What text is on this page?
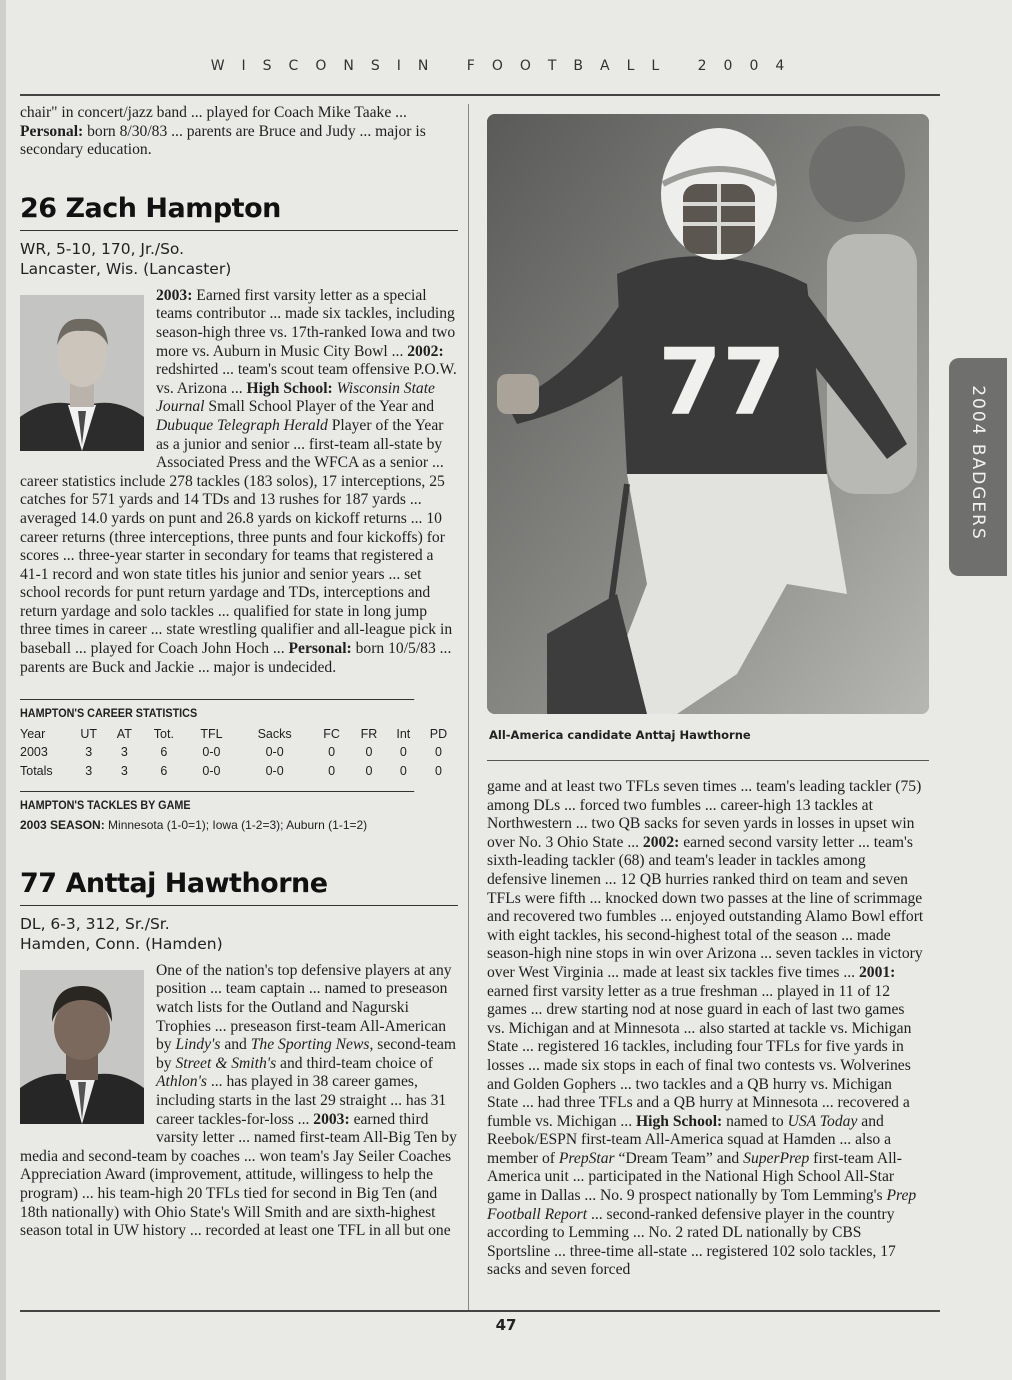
WISCONSIN FOOTBALL 2004

chair" in concert/jazz band ... played for Coach Mike Taake ... Personal: born 8/30/83 ... parents are Bruce and Judy ... major is secondary education.

26 Zach Hampton
WR, 5-10, 170, Jr./So.
Lancaster, Wis. (Lancaster)
2003: Earned first varsity letter as a special teams contributor ... made six tackles, including season-high three vs. 17th-ranked Iowa and two more vs. Auburn in Music City Bowl ... 2002: redshirted ... team's scout team offensive P.O.W. vs. Arizona ... High School: Wisconsin State Journal Small School Player of the Year and Dubuque Telegraph Herald Player of the Year as a junior and senior ... first-team all-state by Associated Press and the WFCA as a senior ... career statistics include 278 tackles (183 solos), 17 interceptions, 25 catches for 571 yards and 14 TDs and 13 rushes for 187 yards ... averaged 14.0 yards on punt and 26.8 yards on kickoff returns ... 10 career returns (three interceptions, three punts and four kickoffs) for scores ... three-year starter in secondary for teams that registered a 41-1 record and won state titles his junior and senior years ... set school records for punt return yardage and TDs, interceptions and return yardage and solo tackles ... qualified for state in long jump three times in career ... state wrestling qualifier and all-league pick in baseball ... played for Coach John Hoch ... Personal: born 10/5/83 ... parents are Buck and Jackie ... major is undecided.
HAMPTON'S CAREER STATISTICS
Year	UT	AT	Tot.	TFL	Sacks	FC	FR	Int	PD
2003	3	3	6	0-0	0-0	0	0	0	0
Totals	3	3	6	0-0	0-0	0	0	0	0
HAMPTON'S TACKLES BY GAME
2003 SEASON: Minnesota (1-0=1); Iowa (1-2=3); Auburn (1-1=2)
77 Anttaj Hawthorne
DL, 6-3, 312, Sr./Sr.
Hamden, Conn. (Hamden)
One of the nation's top defensive players at any position ... team captain ... named to preseason watch lists for the Outland and Nagurski Trophies ... preseason first-team All-American by Lindy's and The Sporting News, second-team by Street & Smith's and third-team choice of Athlon's ... has played in 38 career games, including starts in the last 29 straight ... has 31 career tackles-for-loss ... 2003: earned third varsity letter ... named first-team All-Big Ten by media and second-team by coaches ... won team's Jay Seiler Coaches Appreciation Award (improvement, attitude, willingess to help the program) ... his team-high 20 TFLs tied for second in Big Ten (and 18th nationally) with Ohio State's Will Smith and are sixth-highest season total in UW history ... recorded at least one TFL in all but one
77
All-America candidate Anttaj Hawthorne

game and at least two TFLs seven times ... team's leading tackler (75) among DLs ... forced two fumbles ... career-high 13 tackles at Northwestern ... two QB sacks for seven yards in losses in upset win over No. 3 Ohio State ... 2002: earned second varsity letter ... team's sixth-leading tackler (68) and team's leader in tackles among defensive linemen ... 12 QB hurries ranked third on team and seven TFLs were fifth ... knocked down two passes at the line of scrimmage and recovered two fumbles ... enjoyed outstanding Alamo Bowl effort with eight tackles, his second-highest total of the season ... made season-high nine stops in win over Arizona ... seven tackles in victory over West Virginia ... made at least six tackles five times ... 2001: earned first varsity letter as a true freshman ... played in 11 of 12 games ... drew starting nod at nose guard in each of last two games vs. Michigan and at Minnesota ... also started at tackle vs. Michigan State ... registered 16 tackles, including four TFLs for five yards in losses ... made six stops in each of final two contests vs. Wolverines and Golden Gophers ... two tackles and a QB hurry vs. Michigan State ... had three TFLs and a QB hurry at Minnesota ... recovered a fumble vs. Michigan ... High School: named to USA Today and Reebok/ESPN first-team All-America squad at Hamden ... also a member of PrepStar “Dream Team” and SuperPrep first-team All-America unit ... participated in the National High School All-Star game in Dallas ... No. 9 prospect nationally by Tom Lemming's Prep Football Report ... second-ranked defensive player in the country according to Lemming ... No. 2 rated DL nationally by CBS Sportsline ... three-time all-state ... registered 102 solo tackles, 17 sacks and seven forced

2004 BADGERS
47
